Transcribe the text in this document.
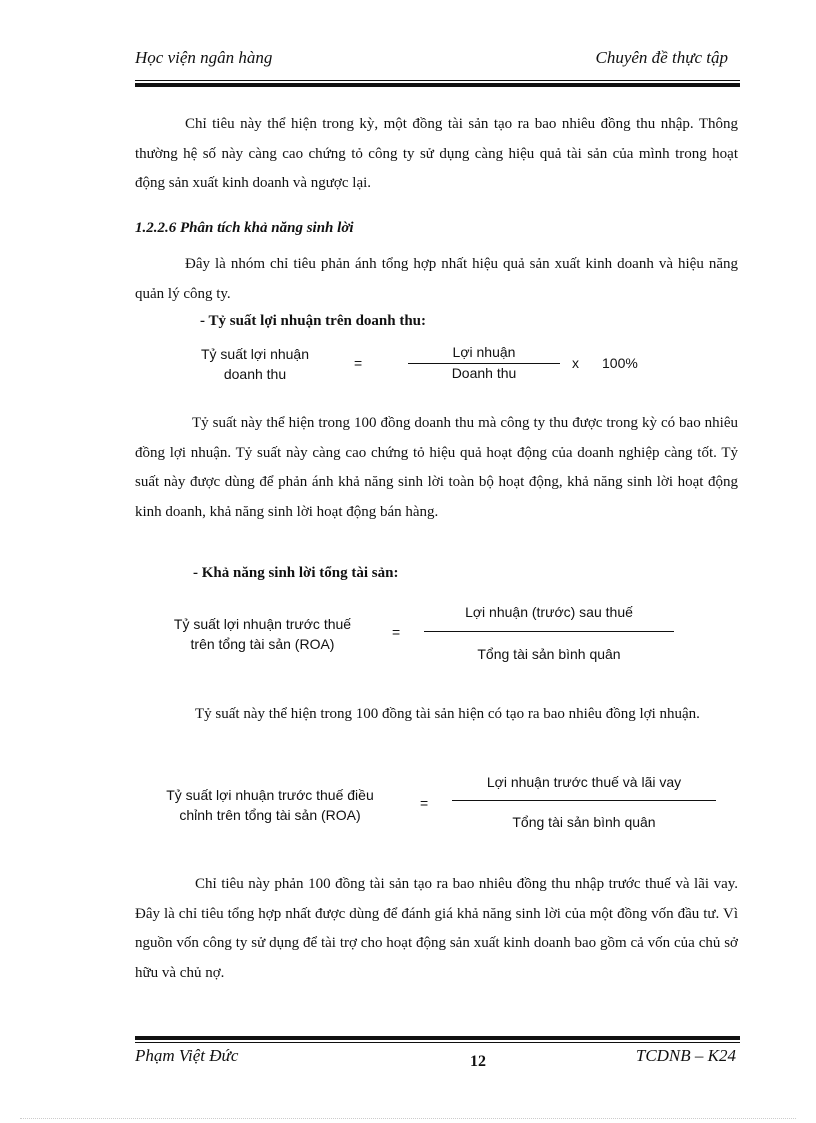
Học viện ngân hàng	Chuyên đề thực tập
Chỉ tiêu này thể hiện trong kỳ, một đồng tài sản tạo ra bao nhiêu đồng thu nhập. Thông thường hệ số này càng cao chứng tỏ công ty sử dụng càng hiệu quả tài sản của mình trong hoạt động sản xuất kinh doanh và ngược lại.
1.2.2.6 Phân tích khả năng sinh lời
Đây là nhóm chỉ tiêu phản ánh tổng hợp nhất hiệu quả sản xuất kinh doanh và hiệu năng quản lý công ty.
- Tỷ suất lợi nhuận trên doanh thu:
Tỷ suất lợi nhuận
doanh thu
=
Lợi nhuận
Doanh thu
x 100%
Tỷ suất này thể hiện trong 100 đồng doanh thu mà công ty thu được trong kỳ có bao nhiêu đồng lợi nhuận. Tỷ suất này càng cao chứng tỏ hiệu quả hoạt động của doanh nghiệp càng tốt. Tỷ suất này được dùng để phản ánh khả năng sinh lời toàn bộ hoạt động, khả năng sinh lời hoạt động kinh doanh, khả năng sinh lời hoạt động bán hàng.
- Khả năng sinh lời tổng tài sản:
Tỷ suất lợi nhuận trước thuế
trên tổng tài sản (ROA)
=
Lợi nhuận (trước) sau thuế
Tổng tài sản bình quân
Tỷ suất này thể hiện trong 100 đồng tài sản hiện có tạo ra bao nhiêu đồng lợi nhuận.
Tỷ suất lợi nhuận trước thuế điều
chỉnh trên tổng tài sản (ROA)
=
Lợi nhuận trước thuế và lãi vay
Tổng tài sản bình quân
Chỉ tiêu này phản 100 đồng tài sản tạo ra bao nhiêu đồng thu nhập trước thuế và lãi vay. Đây là chỉ tiêu tổng hợp nhất được dùng để đánh giá khả năng sinh lời của một đồng vốn đầu tư. Vì nguồn vốn công ty sử dụng để tài trợ cho hoạt động sản xuất kinh doanh bao gồm cả vốn của chủ sở hữu và chủ nợ.
Phạm Việt Đức	12	TCDNB – K24
